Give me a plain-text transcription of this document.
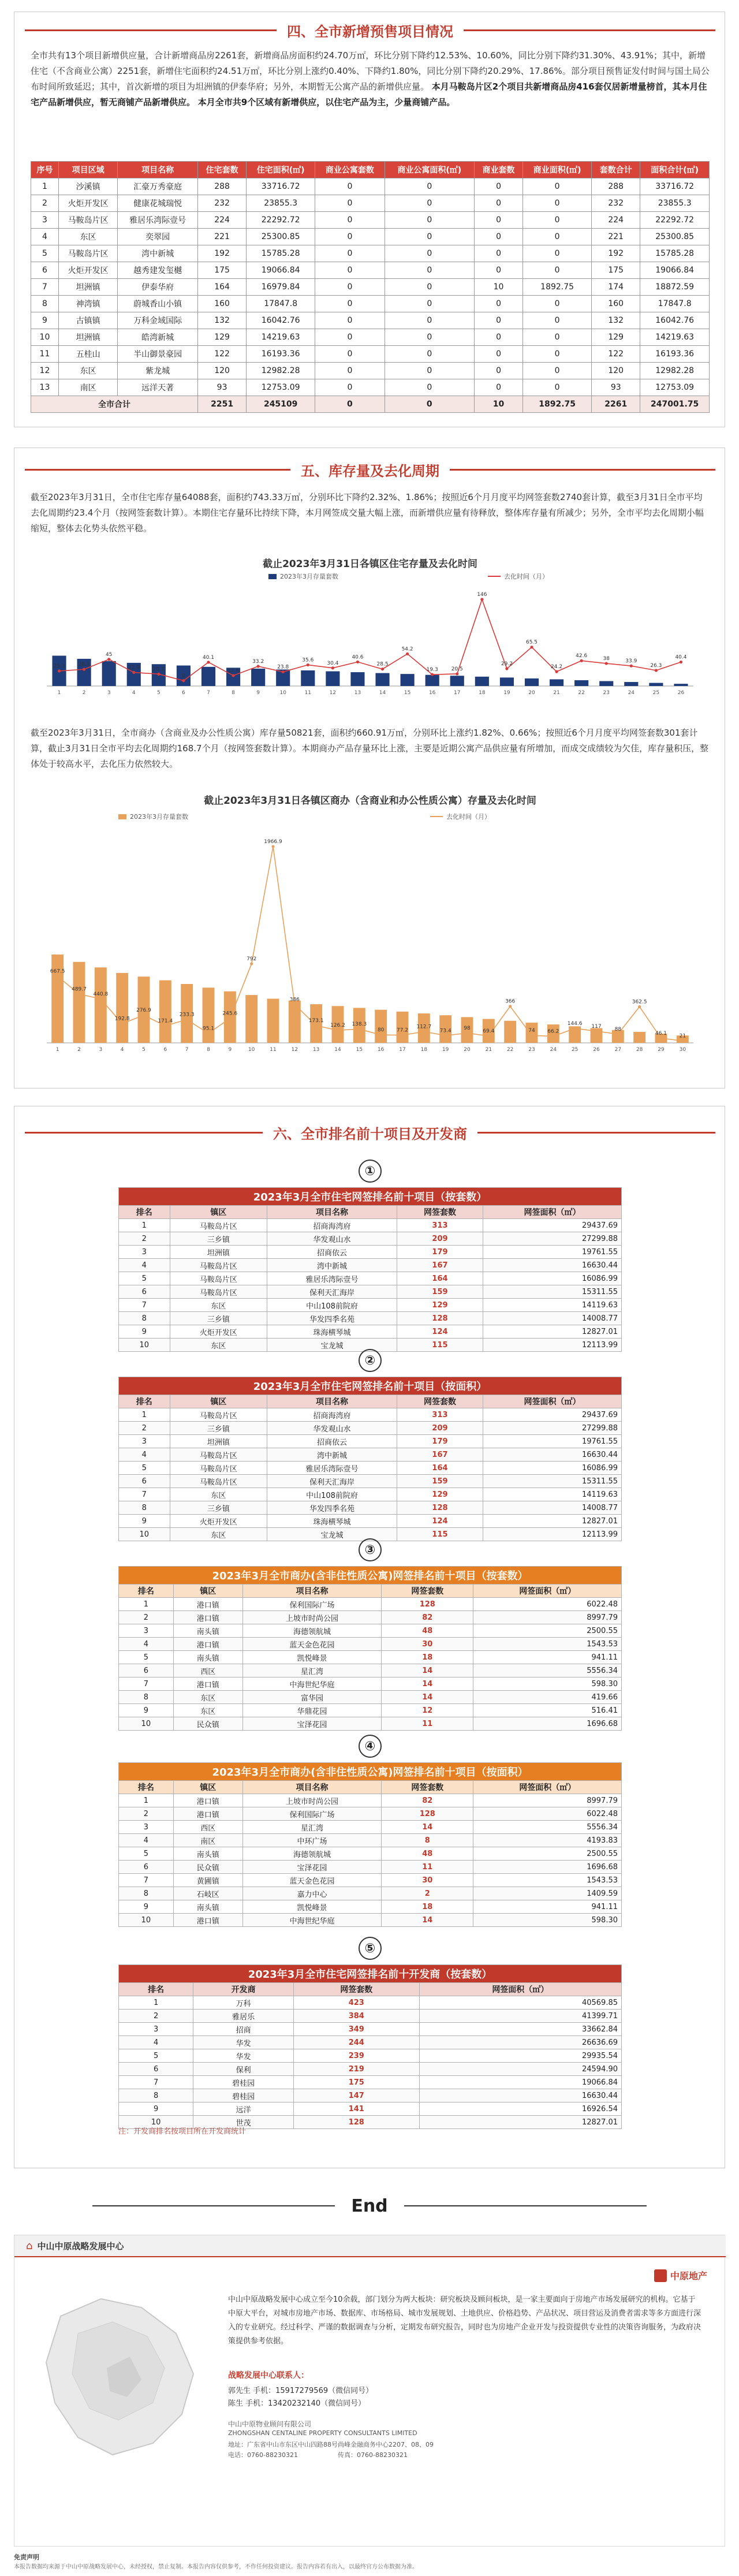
四、全市新增预售项目情况
全市共有13个项目新增供应量，合计新增商品房2261套，新增商品房面积约24.70万㎡，环比分别下降约12.53%、10.60%，同比分别下降约31.30%、43.91%；其中，新增住宅（不含商业公寓）2251套，新增住宅面积约24.51万㎡，环比分别上涨约0.40%、下降约1.80%，同比分别下降约20.29%、17.86%。部分项目预售证发付时间与国土局公布时间所致延迟；其中，首次新增的项目为坦洲镇的伊泰华府；另外，本期暂无公寓产品的新增供应量。 本月马鞍岛片区2个项目共新增商品房416套仅居新增量榜首，其本月住宅产品新增供应，暂无商铺产品新增供应。 本月全市共9个区域有新增供应，以住宅产品为主，少量商铺产品。
序号	项目区域	项目名称	住宅套数	住宅面积(㎡)	商业公寓套数	商业公寓面积(㎡)	商业套数	商业面积(㎡)	套数合计	面积合计(㎡)
1	沙溪镇	汇豪万秀豪庭	288	33716.72	0	0	0	0	288	33716.72
2	火炬开发区	健康花城瑞悦	232	23855.3	0	0	0	0	232	23855.3
3	马鞍岛片区	雅居乐湾际壹号	224	22292.72	0	0	0	0	224	22292.72
4	东区	奕翠园	221	25300.85	0	0	0	0	221	25300.85
5	马鞍岛片区	湾中新城	192	15785.28	0	0	0	0	192	15785.28
6	火炬开发区	越秀建发玺樾	175	19066.84	0	0	0	0	175	19066.84
7	坦洲镇	伊泰华府	164	16979.84	0	0	10	1892.75	174	18872.59
8	神湾镇	蔚城香山小镇	160	17847.8	0	0	0	0	160	17847.8
9	古镇镇	万科金域国际	132	16042.76	0	0	0	0	132	16042.76
10	坦洲镇	皓湾新城	129	14219.63	0	0	0	0	129	14219.63
11	五桂山	半山御景豪园	122	16193.36	0	0	0	0	122	16193.36
12	东区	紫龙城	120	12982.28	0	0	0	0	120	12982.28
13	南区	远洋天著	93	12753.09	0	0	0	0	93	12753.09
全市合计			2251	245109	0	0	10	1892.75	2261	247001.75
五、库存量及去化周期
截至2023年3月31日，全市住宅库存量64088套，面积约743.33万㎡，分别环比下降约2.32%、1.86%；按照近6个月月度平均网签套数2740套计算，截至3月31日全市平均去化周期约23.4个月（按网签套数计算）。本期住宅存量环比持续下降，本月网签成交量大幅上涨，而新增供应量有待释放，整体库存量有所减少；另外，全市平均去化周期小幅缩短，整体去化势头依然平稳。
截止2023年3月31日各镇区住宅存量及去化时间
2023年3月存量套数	去化时间（月）
1	2	3	4	5	6	7	8	9	10	11	12	13	14	15	16	17	18	19	20	21	22	23	24	25	26
25.3	28.1
45
22.9	20.1
9
40.1
17.6
33.2
23.8
35.6
30.4
40.6
28.5
54.2
19.3	20.5
146
29.2
65.5
24.2
42.6	38	33.9
26.3
40.4
截至2023年3月31日，全市商办（含商业及办公性质公寓）库存量50821套，面积约660.91万㎡，分别环比上涨约1.82%、0.66%；按照近6个月月度平均网签套数301套计算，截止3月31日全市平均去化周期约168.7个月（按网签套数计算）。本期商办产品存量环比上涨，主要是近期公寓产品供应量有所增加，而成交成绩较为欠佳，库存量积压，整体处于较高水平，去化压力依然较大。
截止2023年3月31日各镇区商办（含商业和办公性质公寓）存量及去化时间
2023年3月存量套数	去化时间（月）
1	2	3	4	5	6	7	8	9	10	11	12	13	14	15	16	17	18	19	20	21	22	23	24	25	26	27	28	29	30
667.5
489.7
440.8
192.8
276.9
171.4
233.3
95.1
245.6
792
1966.9
386
173.1
126.2 138.3
80 77.2
112.7
73.4 98 69.4
366
74 66.2
144.6 117
88
362.5
46.1 21
六、全市排名前十项目及开发商
①
2023年3月全市住宅网签排名前十项目（按套数）				
排名	镇区	项目名称	网签套数	网签面积（㎡）
1	马鞍岛片区	招商海湾府	313	29437.69
2	三乡镇	华发观山水	209	27299.88
3	坦洲镇	招商依云	179	19761.55
4	马鞍岛片区	湾中新城	167	16630.44
5	马鞍岛片区	雅居乐湾际壹号	164	16086.99
6	马鞍岛片区	保利天汇海岸	159	15311.55
7	东区	中山108前院府	129	14119.63
8	三乡镇	华发四季名苑	128	14008.77
9	火炬开发区	珠海横琴城	124	12827.01
10	东区	宝龙城	115	12113.99
②
2023年3月全市住宅网签排名前十项目（按面积）				
排名	镇区	项目名称	网签套数	网签面积（㎡）
1	马鞍岛片区	招商海湾府	313	29437.69
2	三乡镇	华发观山水	209	27299.88
3	坦洲镇	招商依云	179	19761.55
4	马鞍岛片区	湾中新城	167	16630.44
5	马鞍岛片区	雅居乐湾际壹号	164	16086.99
6	马鞍岛片区	保利天汇海岸	159	15311.55
7	东区	中山108前院府	129	14119.63
8	三乡镇	华发四季名苑	128	14008.77
9	火炬开发区	珠海横琴城	124	12827.01
10	东区	宝龙城	115	12113.99
③
2023年3月全市商办(含非住性质公寓)网签排名前十项目（按套数）				
排名	镇区	项目名称	网签套数	网签面积（㎡）
1	港口镇	保利国际广场	128	6022.48
2	港口镇	上坡市时尚公园	82	8997.79
3	南头镇	海德领航城	48	2500.55
4	港口镇	蓝天金色花园	30	1543.53
5	南头镇	凯悦峰景	18	941.11
6	西区	星汇湾	14	5556.34
7	港口镇	中海世纪华庭	14	598.30
8	东区	富华园	14	419.66
9	东区	华鼎花园	12	516.41
10	民众镇	宝泽花园	11	1696.68
④
2023年3月全市商办(含非住性质公寓)网签排名前十项目（按面积）				
排名	镇区	项目名称	网签套数	网签面积（㎡）
1	港口镇	上坡市时尚公园	82	8997.79
2	港口镇	保利国际广场	128	6022.48
3	西区	星汇湾	14	5556.34
4	南区	中环广场	8	4193.83
5	南头镇	海德领航城	48	2500.55
6	民众镇	宝泽花园	11	1696.68
7	黄圃镇	蓝天金色花园	30	1543.53
8	石岐区	嘉力中心	2	1409.59
9	南头镇	凯悦峰景	18	941.11
10	港口镇	中海世纪华庭	14	598.30
⑤
2023年3月全市住宅网签排名前十开发商（按套数）			
排名	开发商	网签套数	网签面积（㎡）
1	万科	423	40569.85
2	雅居乐	384	41399.71
3	招商	349	33662.84
4	华发	244	26636.69
5	华发	239	29935.54
6	保利	219	24594.90
7	碧桂园	175	19066.84
8	碧桂园	147	16630.44
9	远洋	141	16926.54
10	世茂	128	12827.01
注：开发商排名按项目所在开发商统计
End
⌂ 中山中原战略发展中心
中原地产
中山中原战略发展中心成立至今10余载，部门划分为两大板块：研究板块及顾问板块，是一家主要面向于房地产市场发展研究的机构。它基于中原大平台，对城市房地产市场、数据库、市场格局、城市发展规划、土地供应、价格趋势、产品状况、项目营运及消费者需求等多方面进行深入的专业研究。经过科学、严谨的数据调查与分析，定期发布研究报告，同时也为房地产企业开发与投资提供专业性的决策咨询服务，为政府决策提供参考依据。
战略发展中心联系人：
郭先生 手机：15917279569（微信同号）
陈生 手机：13420232140（微信同号）
中山中原物业顾问有限公司
ZHONGSHAN CENTALINE PROPERTY CONSULTANTS LIMITED
地址：广东省中山市东区中山四路88号尚峰金融商务中心2207、08、09
电话：0760-88230321	传真：0760-88230321
免责声明
本报告数据均来源于中山中原战略发展中心，未经授权，禁止复制。本报告内容仅供参考，不作任何投资建议。报告内容若有出入，以最终官方公布数据为准。
